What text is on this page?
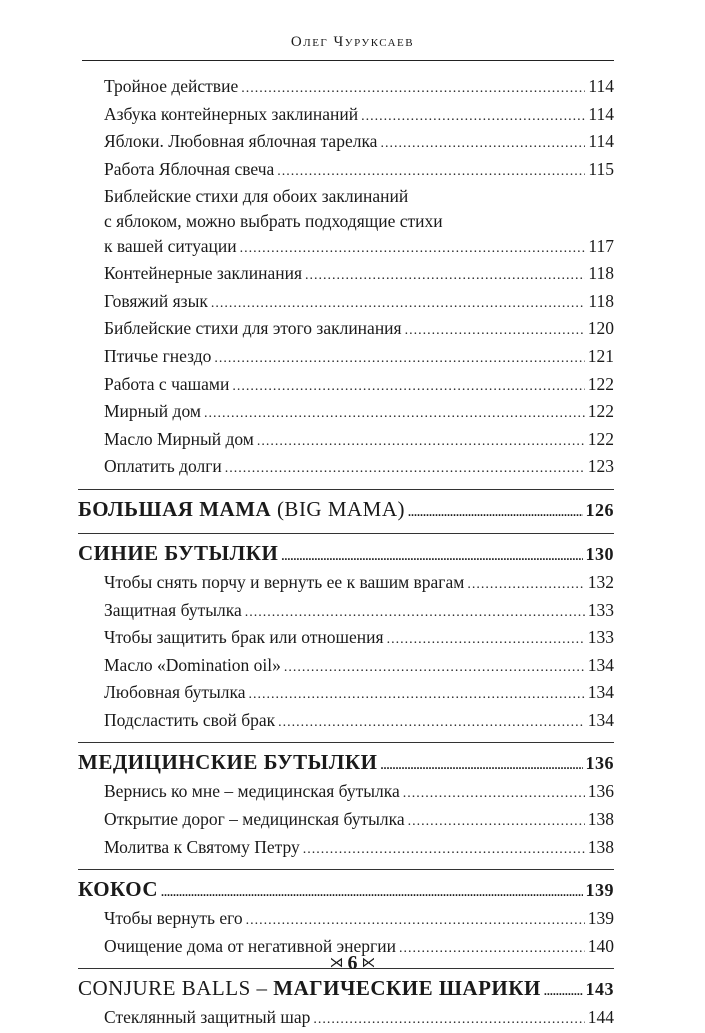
Олег Чуруксаев
Тройное действие .....	114
Азбука контейнерных заклинаний .....	114
Яблоки. Любовная яблочная тарелка .....	114
Работа Яблочная свеча .....	115
Библейские стихи для обоих заклинаний
с яблоком, можно выбрать подходящие стихи
к вашей ситуации .....	117
Контейнерные заклинания .....	118
Говяжий язык .....	118
Библейские стихи для этого заклинания .....	120
Птичье гнездо .....	121
Работа с чашами .....	122
Мирный дом .....	122
Масло Мирный дом .....	122
Оплатить долги .....	123
БОЛЬШАЯ МАМА (BIG MAMA) .....	126
СИНИЕ БУТЫЛКИ .....	130
Чтобы снять порчу и вернуть ее к вашим врагам .....	132
Защитная бутылка .....	133
Чтобы защитить брак или отношения .....	133
Масло «Domination oil» .....	134
Любовная бутылка .....	134
Подсластить свой брак .....	134
МЕДИЦИНСКИЕ БУТЫЛКИ .....	136
Вернись ко мне – медицинская бутылка .....	136
Открытие дорог – медицинская бутылка .....	138
Молитва к Святому Петру .....	138
КОКОС .....	139
Чтобы вернуть его .....	139
Очищение дома от негативной энергии .....	140
CONJURE BALLS – МАГИЧЕСКИЕ ШАРИКИ ..... 143
Стеклянный защитный шар .....	144
⋊ 6 ⋉
